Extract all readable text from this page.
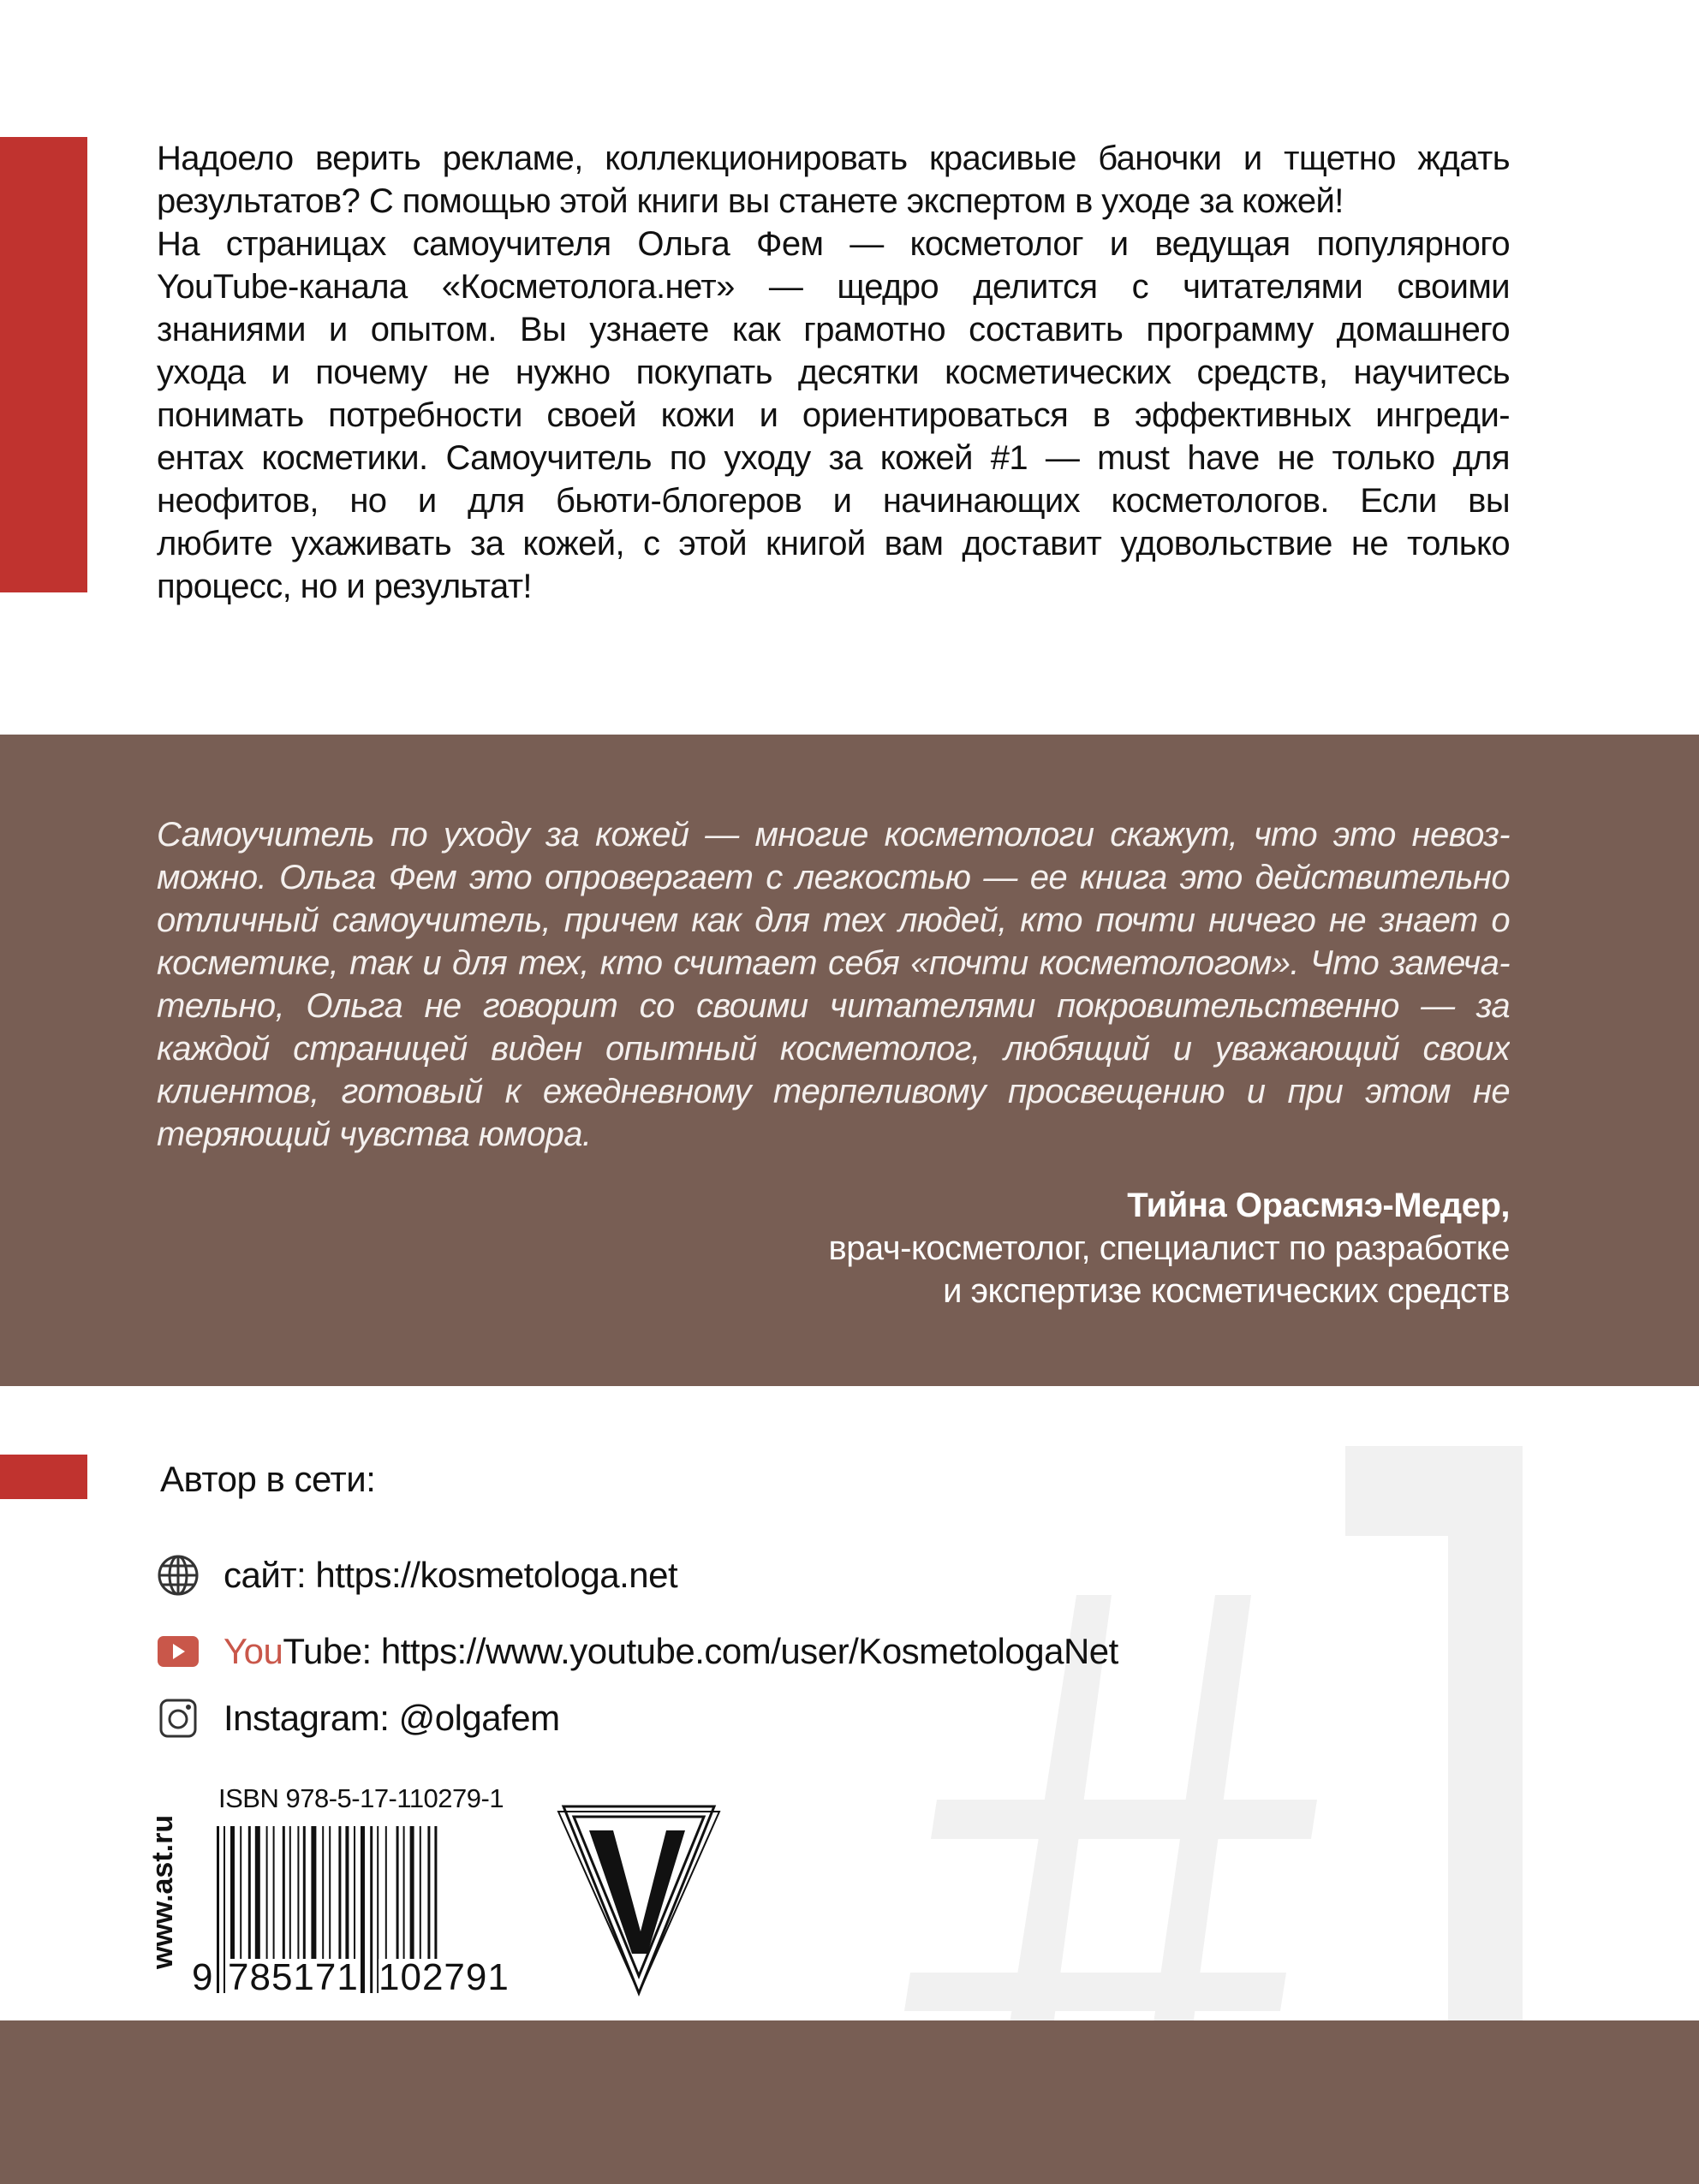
Надоело верить рекламе, коллекционировать красивые баночки и тщетно ждать
результатов? С помощью этой книги вы станете экспертом в уходе за кожей!
На страницах самоучителя Ольга Фем — косметолог и ведущая популярного
YouTube-канала «Косметолога.нет» — щедро делится с читателями своими
знаниями и опытом. Вы узнаете как грамотно составить программу домашнего
ухода и почему не нужно покупать десятки косметических средств, научитесь
понимать потребности своей кожи и ориентироваться в эффективных ингреди-
ентах косметики. Самоучитель по уходу за кожей #1 — must have не только для
неофитов, но и для бьюти-блогеров и начинающих косметологов. Если вы
любите ухаживать за кожей, с этой книгой вам доставит удовольствие не только
процесс, но и результат!
Самоучитель по уходу за кожей — многие косметологи скажут, что это невоз-
можно. Ольга Фем это опровергает с легкостью — ее книга это действительно
отличный самоучитель, причем как для тех людей, кто почти ничего не знает о
косметике, так и для тех, кто считает себя «почти косметологом». Что замеча-
тельно, Ольга не говорит со своими читателями покровительственно — за
каждой страницей виден опытный косметолог, любящий и уважающий своих
клиентов, готовый к ежедневному терпеливому просвещению и при этом не
теряющий чувства юмора.
Тийна Орасмяэ-Медер,
врач-косметолог, специалист по разработке
и экспертизе косметических средств
Автор в сети:
сайт: https://kosmetologa.net
YouTube: https://www.youtube.com/user/KosmetologaNet
Instagram: @olgafem
www.ast.ru
ISBN 978-5-17-110279-1
9 785171 102791
